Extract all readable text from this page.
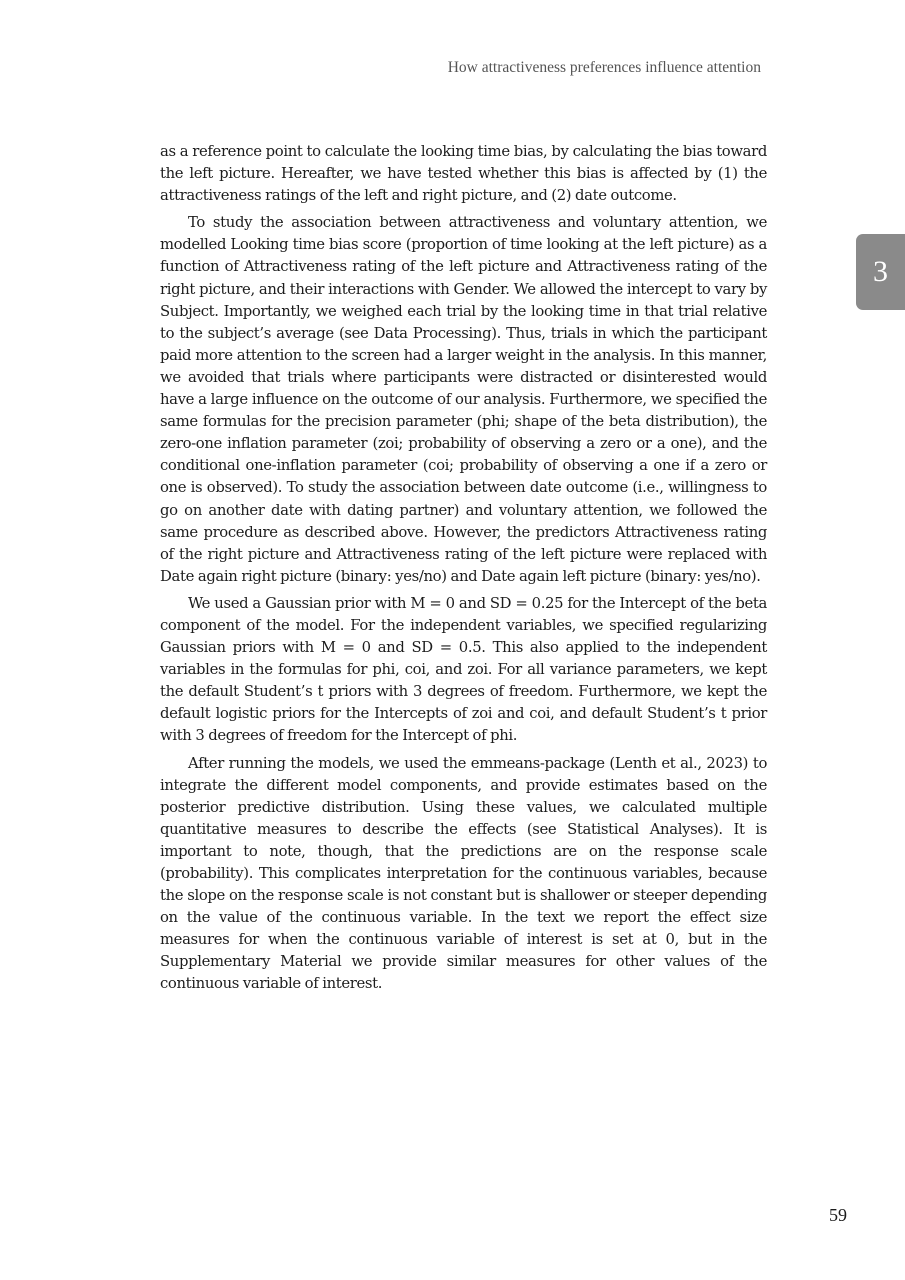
How attractiveness preferences influence attention
3

as a reference point to calculate the looking time bias, by calculating the bias toward the left picture. Hereafter, we have tested whether this bias is affected by (1) the attractiveness ratings of the left and right picture, and (2) date outcome.

To study the association between attractiveness and voluntary attention, we modelled Looking time bias score (proportion of time looking at the left picture) as a function of Attractiveness rating of the left picture and Attractiveness rating of the right picture, and their interactions with Gender. We allowed the intercept to vary by Subject. Importantly, we weighed each trial by the looking time in that trial relative to the subject’s average (see Data Processing). Thus, trials in which the participant paid more attention to the screen had a larger weight in the analysis. In this manner, we avoided that trials where participants were distracted or disinterested would have a large influence on the outcome of our analysis. Furthermore, we specified the same formulas for the precision parameter (phi; shape of the beta distribution), the zero-one inflation parameter (zoi; probability of observing a zero or a one), and the conditional one-inflation parameter (coi; probability of observing a one if a zero or one is observed). To study the association between date outcome (i.e., willingness to go on another date with dating partner) and voluntary attention, we followed the same procedure as described above. However, the predictors Attractiveness rating of the right picture and Attractiveness rating of the left picture were replaced with Date again right picture (binary: yes/no) and Date again left picture (binary: yes/no).

We used a Gaussian prior with M = 0 and SD = 0.25 for the Intercept of the beta component of the model. For the independent variables, we specified regularizing Gaussian priors with M = 0 and SD = 0.5. This also applied to the independent variables in the formulas for phi, coi, and zoi. For all variance parameters, we kept the default Student’s t priors with 3 degrees of freedom. Furthermore, we kept the default logistic priors for the Intercepts of zoi and coi, and default Student’s t prior with 3 degrees of freedom for the Intercept of phi.

After running the models, we used the emmeans-package (Lenth et al., 2023) to integrate the different model components, and provide estimates based on the posterior predictive distribution. Using these values, we calculated multiple quantitative measures to describe the effects (see Statistical Analyses). It is important to note, though, that the predictions are on the response scale (probability). This complicates interpretation for the continuous variables, because the slope on the response scale is not constant but is shallower or steeper depending on the value of the continuous variable. In the text we report the effect size measures for when the continuous variable of interest is set at 0, but in the Supplementary Material we provide similar measures for other values of the continuous variable of interest.

59
